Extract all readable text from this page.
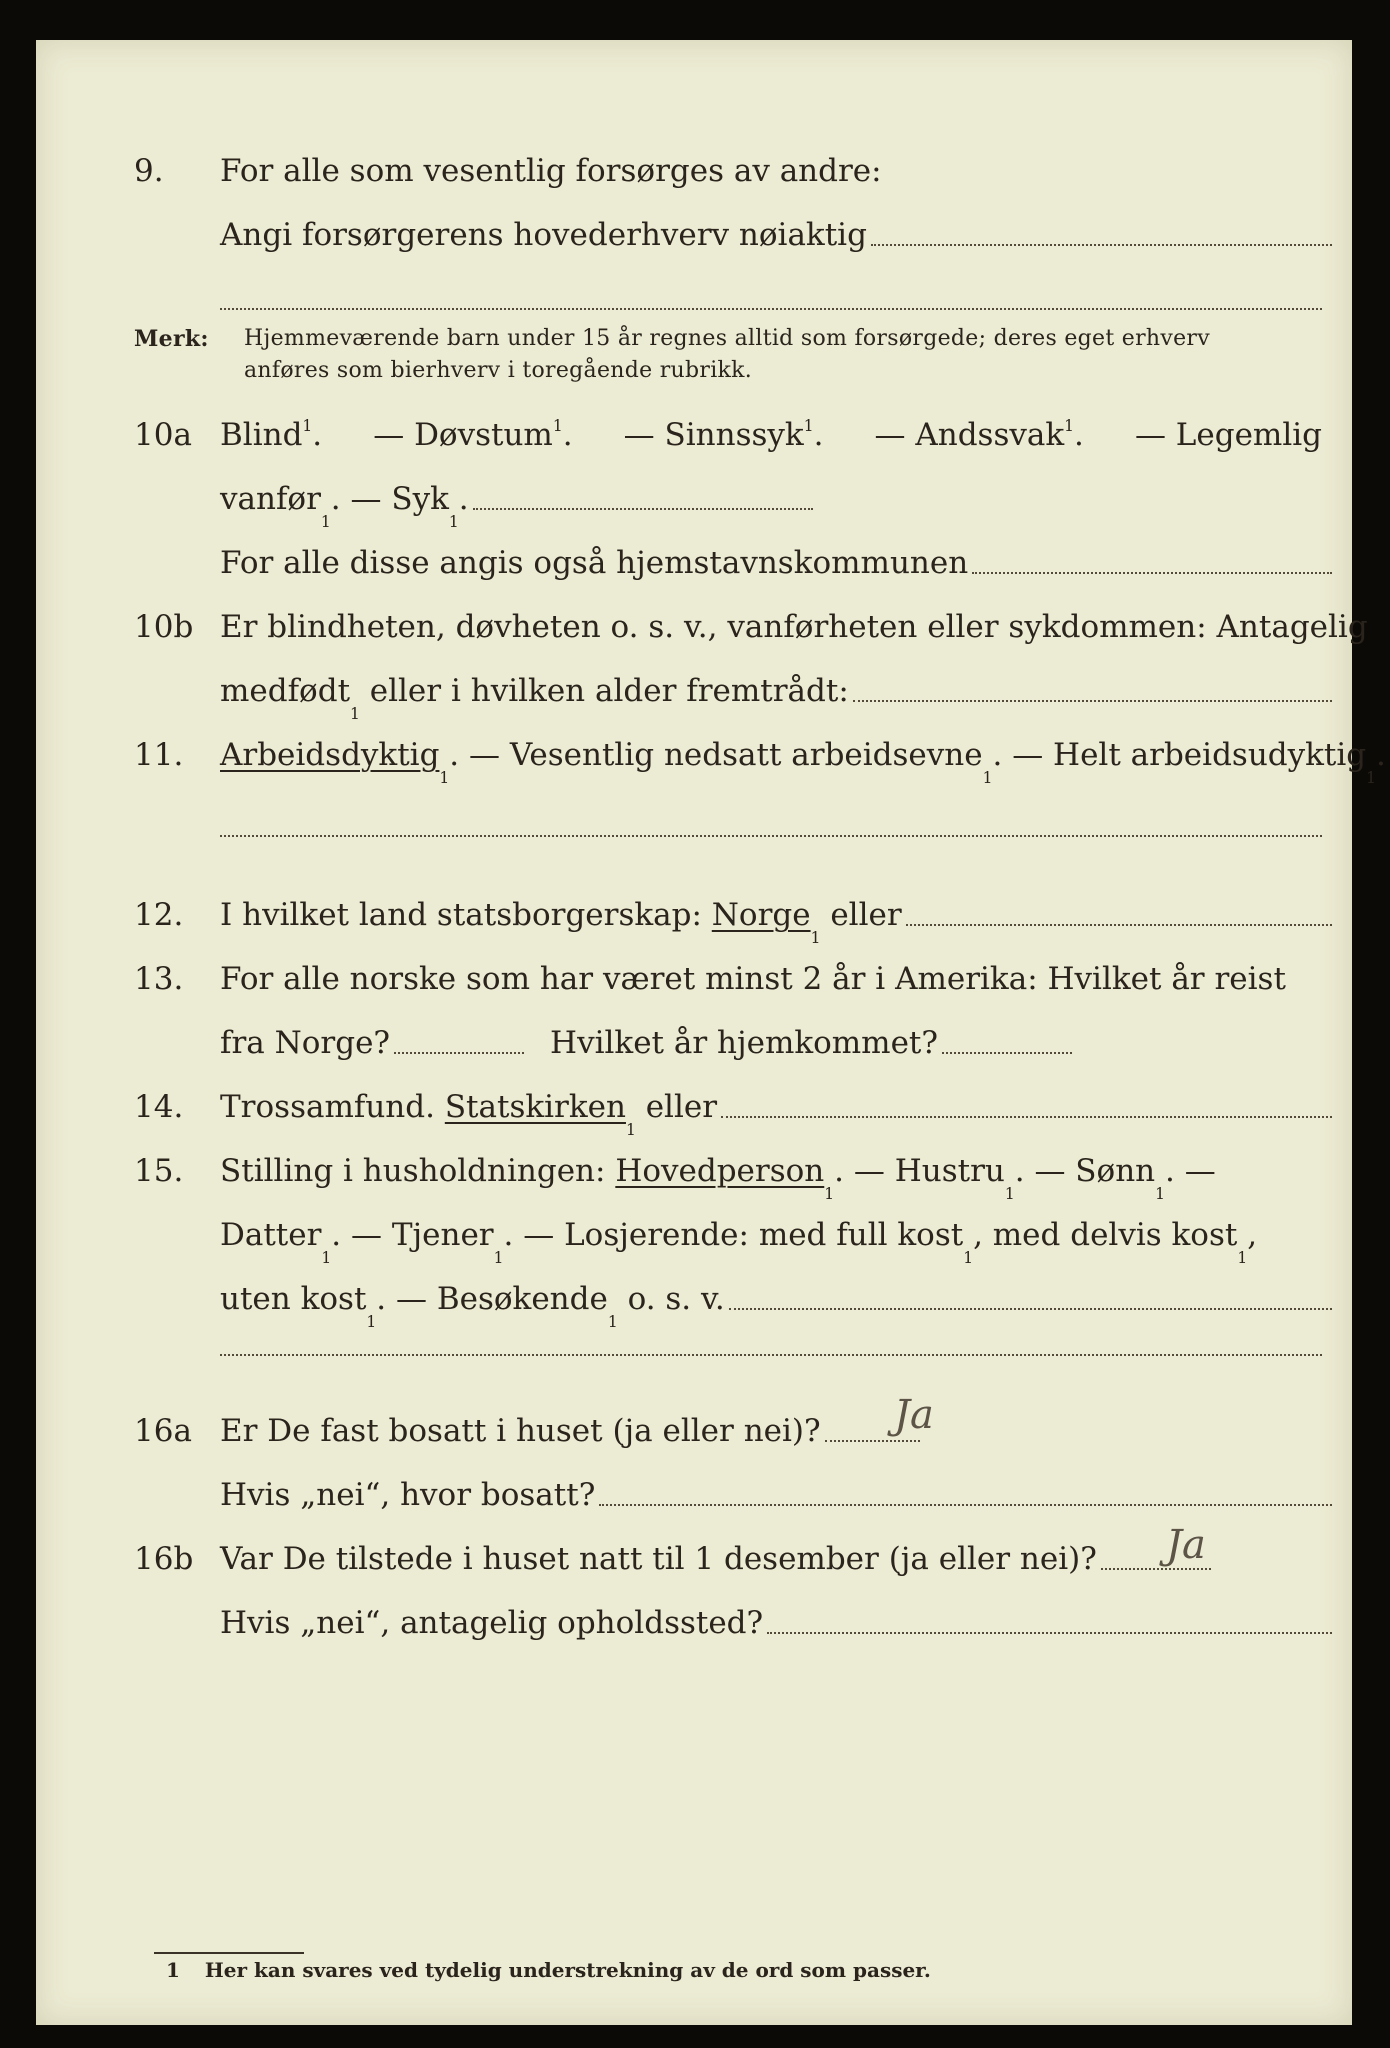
9.	For alle som vesentlig forsørges av andre:
Angi forsørgerens hovederhverv nøiaktig
Merk: Hjemmeværende barn under 15 år regnes alltid som forsørgede; deres eget erhverv
anføres som bierhverv i toregående rubrikk.
10a Blind$^1$. — Døvstum$^1$. — Sinnssyk$^1$. — Andssvak$^1$. — Legemlig
vanfør
1
. — Syk
1
.
For alle disse angis også hjemstavnskommunen
10b Er blindheten, døvheten o. s. v., vanførheten eller sykdommen: Antagelig
medfødt
1
eller i hvilken alder fremtrådt:
11.	Arbeidsdyktig
1
. — Vesentlig nedsatt arbeidsevne
1
. — Helt arbeidsudyktig
1
.
12.	I hvilket land statsborgerskap: Norge
1
eller
13.	For alle norske som har været minst 2 år i Amerika: Hvilket år reist
fra Norge?	Hvilket år hjemkommet?
14.	Trossamfund. Statskirken
1
eller
15.	Stilling i husholdningen: Hovedperson
1
. — Hustru
1
. — Sønn
1
. —
Datter
1
. — Tjener
1
. — Losjerende: med full kost
1
, med delvis kost
1
,
uten kost
1
. — Besøkende
1
o. s. v.
16a Er De fast bosatt i huset (ja eller nei)? Ja
Hvis „nei“, hvor bosatt?
16b Var De tilstede i huset natt til 1 desember (ja eller nei)? Ja
Hvis „nei“, antagelig opholdssted?
1 Her kan svares ved tydelig understrekning av de ord som passer.
